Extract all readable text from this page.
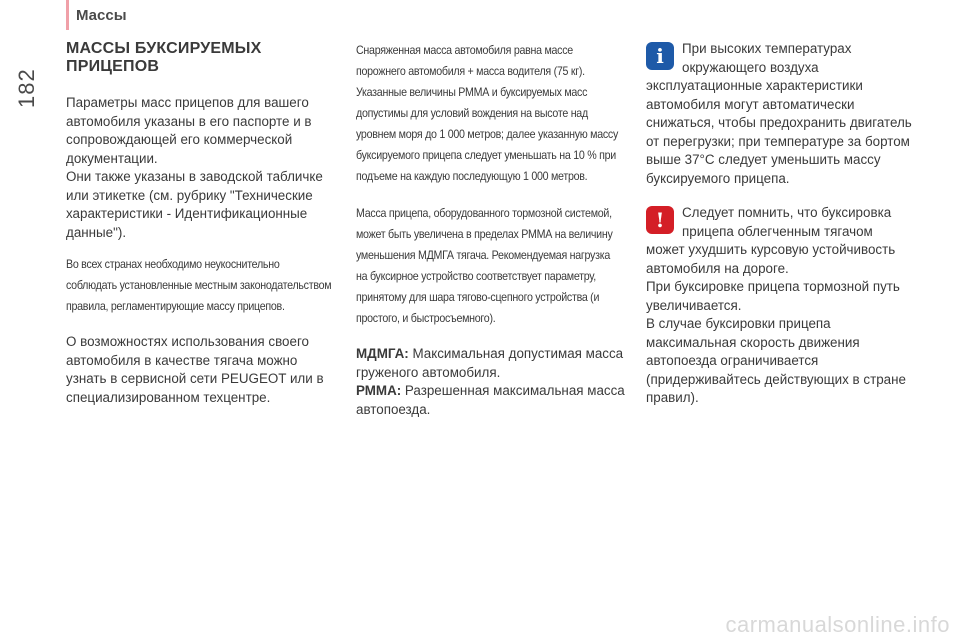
Массы
182
МАССЫ БУКСИРУЕМЫХ ПРИЦЕПОВ

Параметры масс прицепов для вашего автомобиля указаны в его паспорте и в сопровождающей его коммерческой документации.

Они также указаны в заводской табличке или этикетке (см. рубрику "Технические характеристики - Идентификационные данные").

Во всех странах необходимо неукоснительно соблюдать установленные местным законодательством правила, регламентирующие массу прицепов.

О возможностях использования своего автомобиля в качестве тягача можно узнать в сервисной сети PEUGEOT или в специализированном техцентре.

Снаряженная масса автомобиля равна массе порожнего автомобиля + масса водителя (75 кг). Указанные величины РММА и буксируемых масс допустимы для условий вождения на высоте над уровнем моря до 1 000 метров; далее указанную массу буксируемого прицепа следует уменьшать на 10 % при подъеме на каждую последующую 1 000 метров.

Масса прицепа, оборудованного тормозной системой, может быть увеличена в пределах РММА на величину уменьшения МДМГА тягача. Рекомендуемая нагрузка на буксирное устройство соответствует параметру, принятому для шара тягово-сцепного устройства (и простого, и быстросъемного).

МДМГА: Максимальная допустимая масса груженого автомобиля.

РММА: Разрешенная максимальная масса автопоезда.

i	При высоких температурах
окружающего воздуха

эксплуатационные характеристики автомобиля могут автоматически снижаться, чтобы предохранить двигатель от перегрузки; при температуре за бортом выше 37°С следует уменьшить массу буксируемого прицепа.

!	Следует помнить, что буксировка
прицепа облегченным тягачом

может ухудшить курсовую устойчивость автомобиля на дороге.

При буксировке прицепа тормозной путь увеличивается.

В случае буксировки прицепа максимальная скорость движения автопоезда ограничивается (придерживайтесь действующих в стране правил).

carmanualsonline.info
